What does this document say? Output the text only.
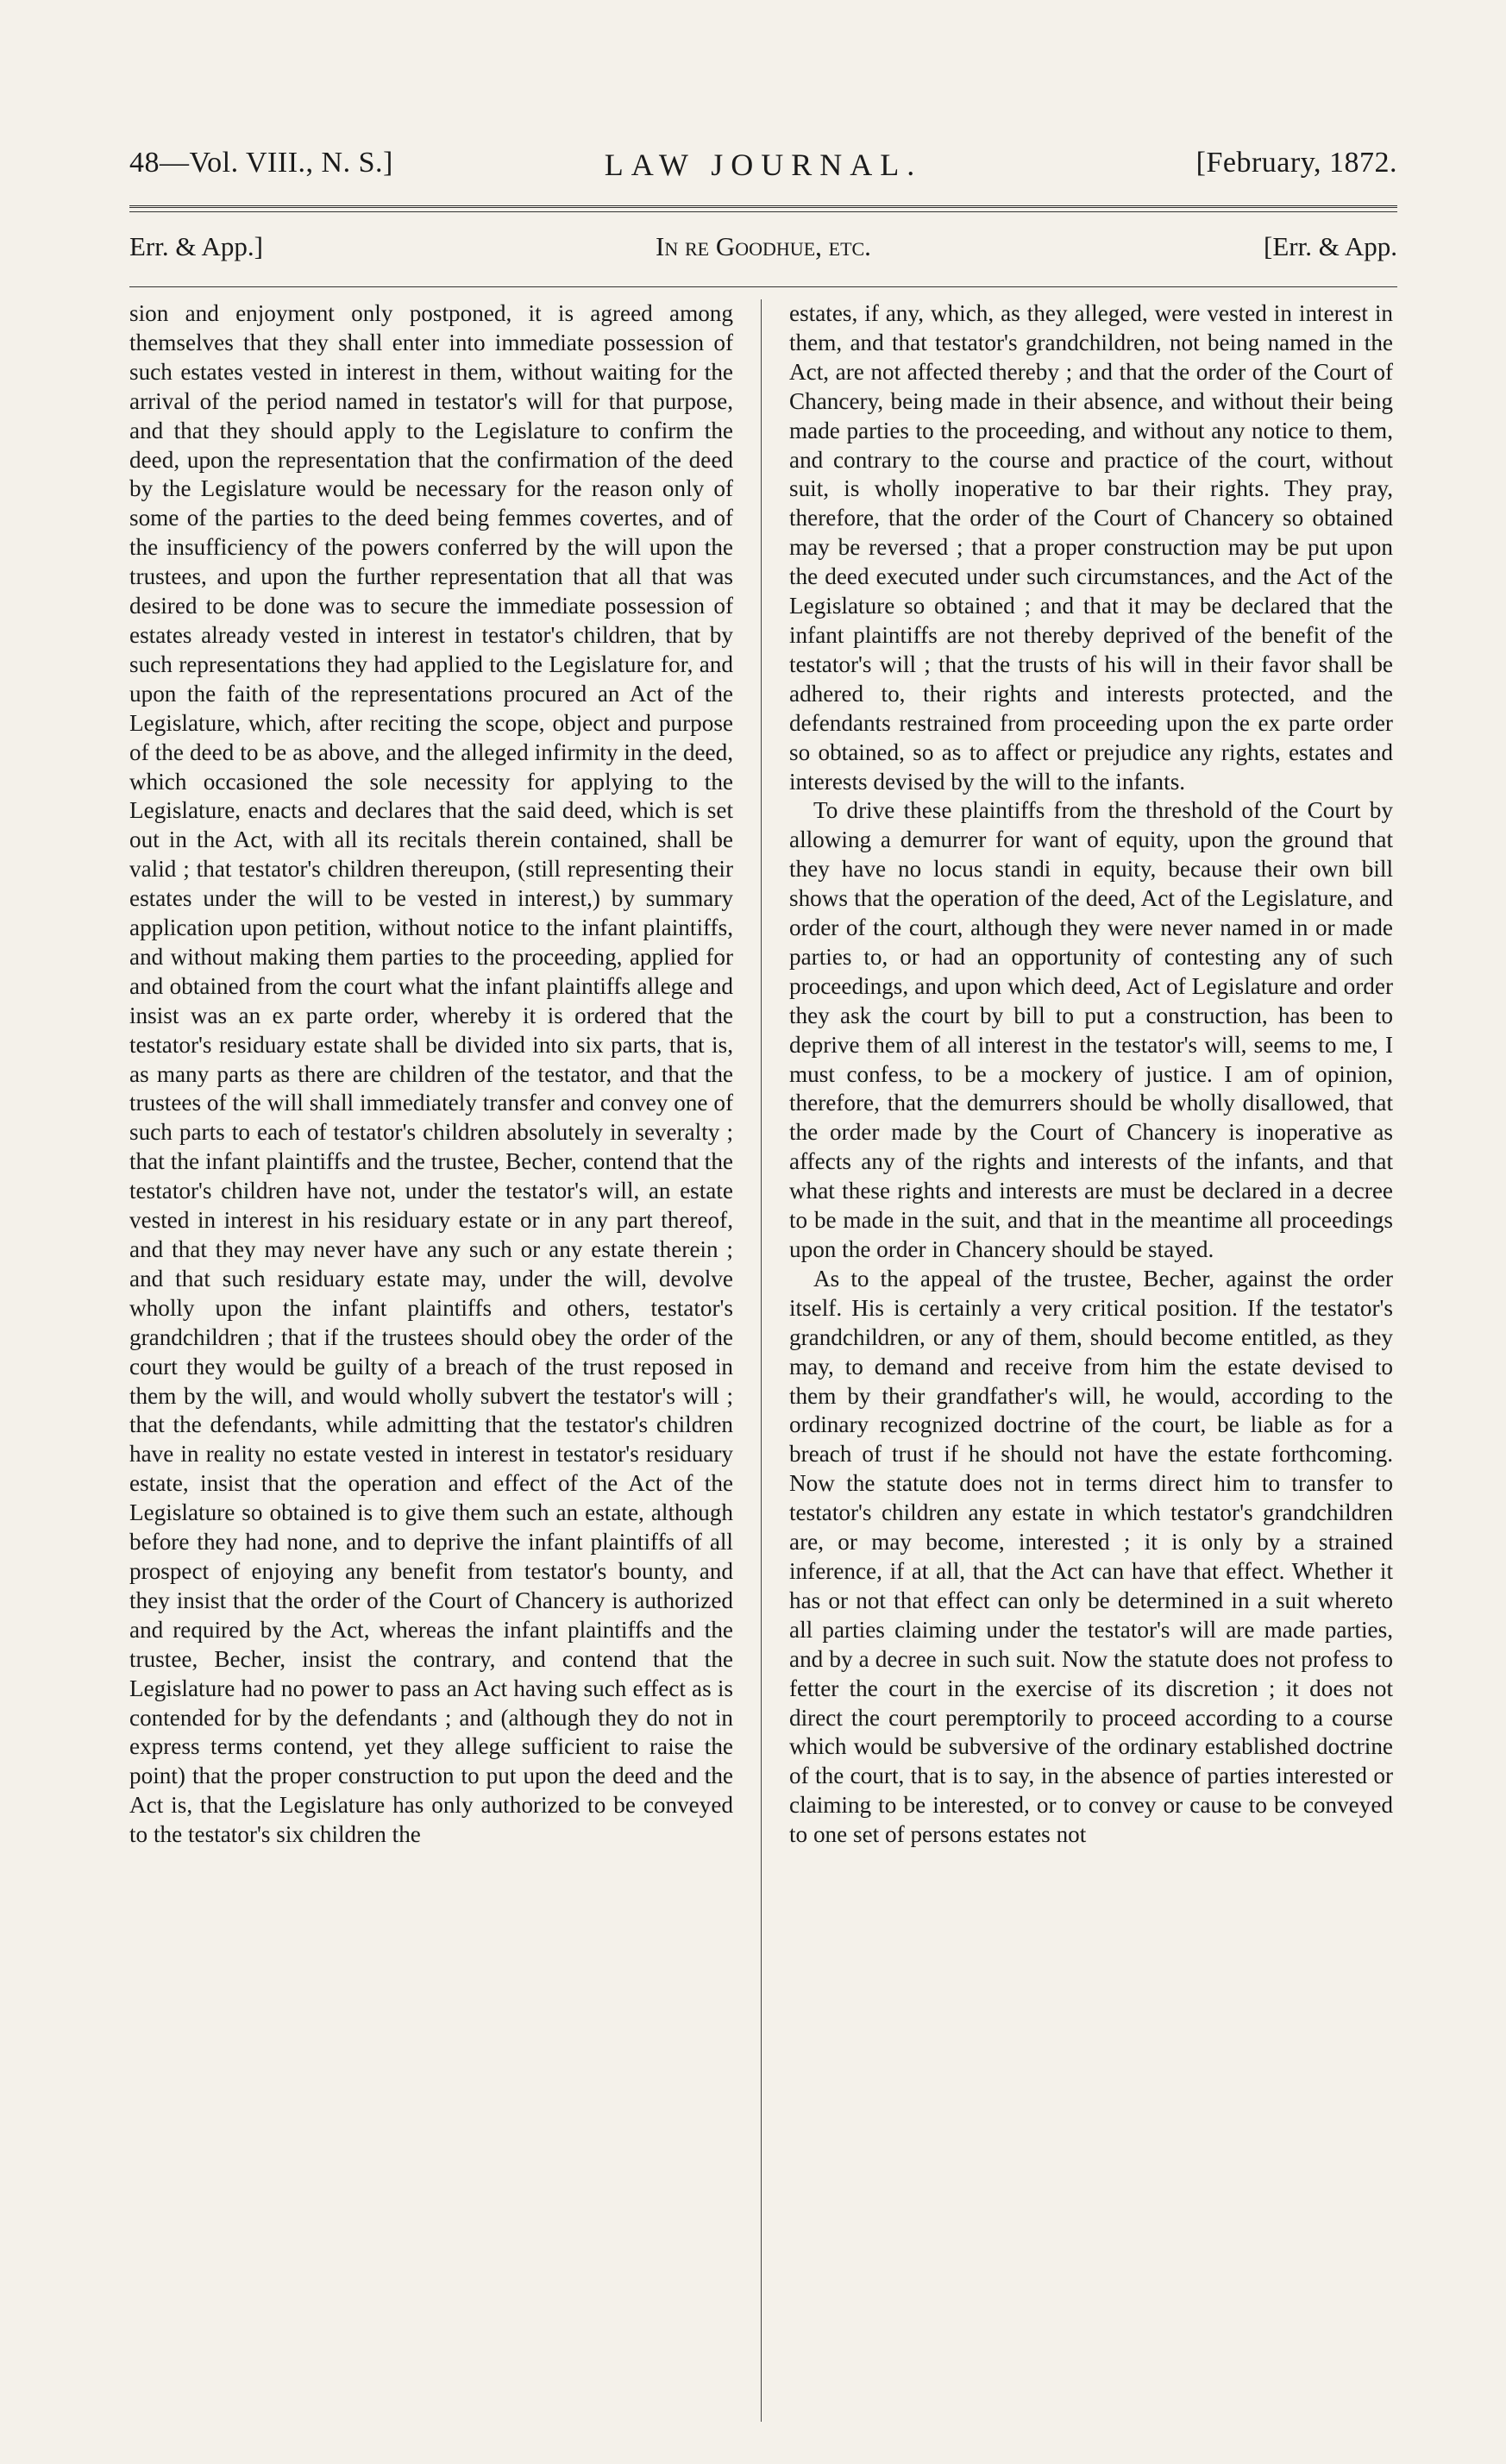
48—Vol. VIII., N. S.]	LAW JOURNAL.	[February, 1872.
Err. & App.]	In re Goodhue, etc.	[Err. & App.

sion and enjoyment only postponed, it is agreed among themselves that they shall enter into immediate possession of such estates vested in interest in them, without waiting for the arrival of the period named in testator's will for that purpose, and that they should apply to the Legislature to confirm the deed, upon the representation that the confirmation of the deed by the Legislature would be necessary for the reason only of some of the parties to the deed being femmes covertes, and of the insufficiency of the powers conferred by the will upon the trustees, and upon the further representation that all that was desired to be done was to secure the immediate possession of estates already vested in interest in testator's children, that by such representations they had applied to the Legislature for, and upon the faith of the representations procured an Act of the Legislature, which, after reciting the scope, object and purpose of the deed to be as above, and the alleged infirmity in the deed, which occasioned the sole necessity for applying to the Legislature, enacts and declares that the said deed, which is set out in the Act, with all its recitals therein contained, shall be valid ; that testator's children thereupon, (still representing their estates under the will to be vested in interest,) by summary application upon petition, without notice to the infant plaintiffs, and without making them parties to the proceeding, applied for and obtained from the court what the infant plaintiffs allege and insist was an ex parte order, whereby it is ordered that the testator's residuary estate shall be divided into six parts, that is, as many parts as there are children of the testator, and that the trustees of the will shall immediately transfer and convey one of such parts to each of testator's children absolutely in severalty ; that the infant plaintiffs and the trustee, Becher, contend that the testator's children have not, under the testator's will, an estate vested in interest in his residuary estate or in any part thereof, and that they may never have any such or any estate therein ; and that such residuary estate may, under the will, devolve wholly upon the infant plaintiffs and others, testator's grandchildren ; that if the trustees should obey the order of the court they would be guilty of a breach of the trust reposed in them by the will, and would wholly subvert the testator's will ; that the defendants, while admitting that the testator's children have in reality no estate vested in interest in testator's residuary estate, insist that the operation and effect of the Act of the Legislature so obtained is to give them such an estate, although before they had none, and to deprive the infant plaintiffs of all prospect of enjoying any benefit from testator's bounty, and they insist that the order of the Court of Chancery is authorized and required by the Act, whereas the infant plaintiffs and the trustee, Becher, insist the contrary, and contend that the Legislature had no power to pass an Act having such effect as is contended for by the defendants ; and (although they do not in express terms contend, yet they allege sufficient to raise the point) that the proper construction to put upon the deed and the Act is, that the Legislature has only authorized to be conveyed to the testator's six children the

estates, if any, which, as they alleged, were vested in interest in them, and that testator's grandchildren, not being named in the Act, are not affected thereby ; and that the order of the Court of Chancery, being made in their absence, and without their being made parties to the proceeding, and without any notice to them, and contrary to the course and practice of the court, without suit, is wholly inoperative to bar their rights. They pray, therefore, that the order of the Court of Chancery so obtained may be reversed ; that a proper construction may be put upon the deed executed under such circumstances, and the Act of the Legislature so obtained ; and that it may be declared that the infant plaintiffs are not thereby deprived of the benefit of the testator's will ; that the trusts of his will in their favor shall be adhered to, their rights and interests protected, and the defendants restrained from proceeding upon the ex parte order so obtained, so as to affect or prejudice any rights, estates and interests devised by the will to the infants.

To drive these plaintiffs from the threshold of the Court by allowing a demurrer for want of equity, upon the ground that they have no locus standi in equity, because their own bill shows that the operation of the deed, Act of the Legislature, and order of the court, although they were never named in or made parties to, or had an opportunity of contesting any of such proceedings, and upon which deed, Act of Legislature and order they ask the court by bill to put a construction, has been to deprive them of all interest in the testator's will, seems to me, I must confess, to be a mockery of justice. I am of opinion, therefore, that the demurrers should be wholly disallowed, that the order made by the Court of Chancery is inoperative as affects any of the rights and interests of the infants, and that what these rights and interests are must be declared in a decree to be made in the suit, and that in the meantime all proceedings upon the order in Chancery should be stayed.

As to the appeal of the trustee, Becher, against the order itself. His is certainly a very critical position. If the testator's grandchildren, or any of them, should become entitled, as they may, to demand and receive from him the estate devised to them by their grandfather's will, he would, according to the ordinary recognized doctrine of the court, be liable as for a breach of trust if he should not have the estate forthcoming. Now the statute does not in terms direct him to transfer to testator's children any estate in which testator's grandchildren are, or may become, interested ; it is only by a strained inference, if at all, that the Act can have that effect. Whether it has or not that effect can only be determined in a suit whereto all parties claiming under the testator's will are made parties, and by a decree in such suit. Now the statute does not profess to fetter the court in the exercise of its discretion ; it does not direct the court peremptorily to proceed according to a course which would be subversive of the ordinary established doctrine of the court, that is to say, in the absence of parties interested or claiming to be interested, or to convey or cause to be conveyed to one set of persons estates not
